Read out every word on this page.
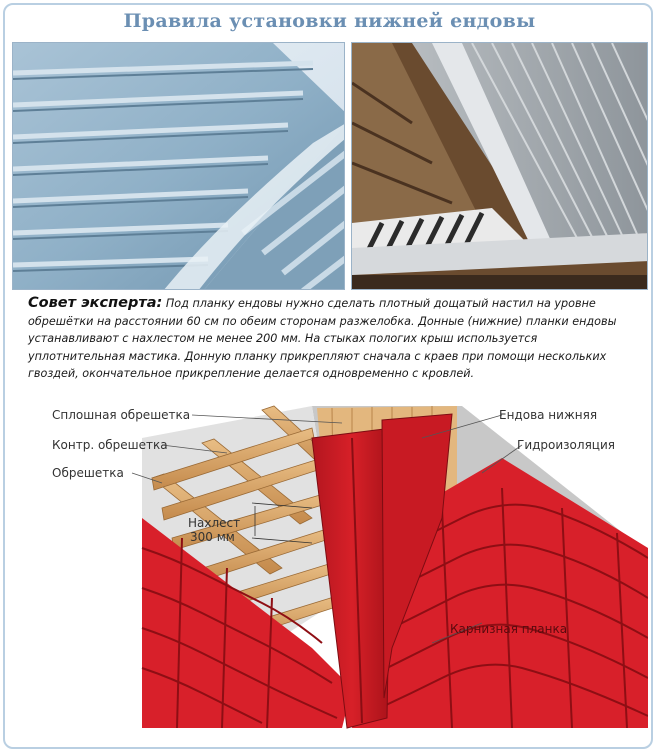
Правила установки нижней ендовы
Совет эксперта: Под планку ендовы нужно сделать плотный дощатый настил на уровне обрешётки на расстоянии 60 см по обеим сторонам разжелобка. Донные (нижние) планки ендовы устанавливают с нахлестом не менее 200 мм. На стыках пологих крыш используется уплотнительная мастика. Донную планку прикрепляют сначала с краев при помощи нескольких гвоздей, окончательное прикрепление делается одновременно с кровлей.
Сплошная обрешетка
Контр. обрешетка
Обрешетка
Ендова нижняя
Гидроизоляция
Нахлест
300 мм
Карнизная планка
